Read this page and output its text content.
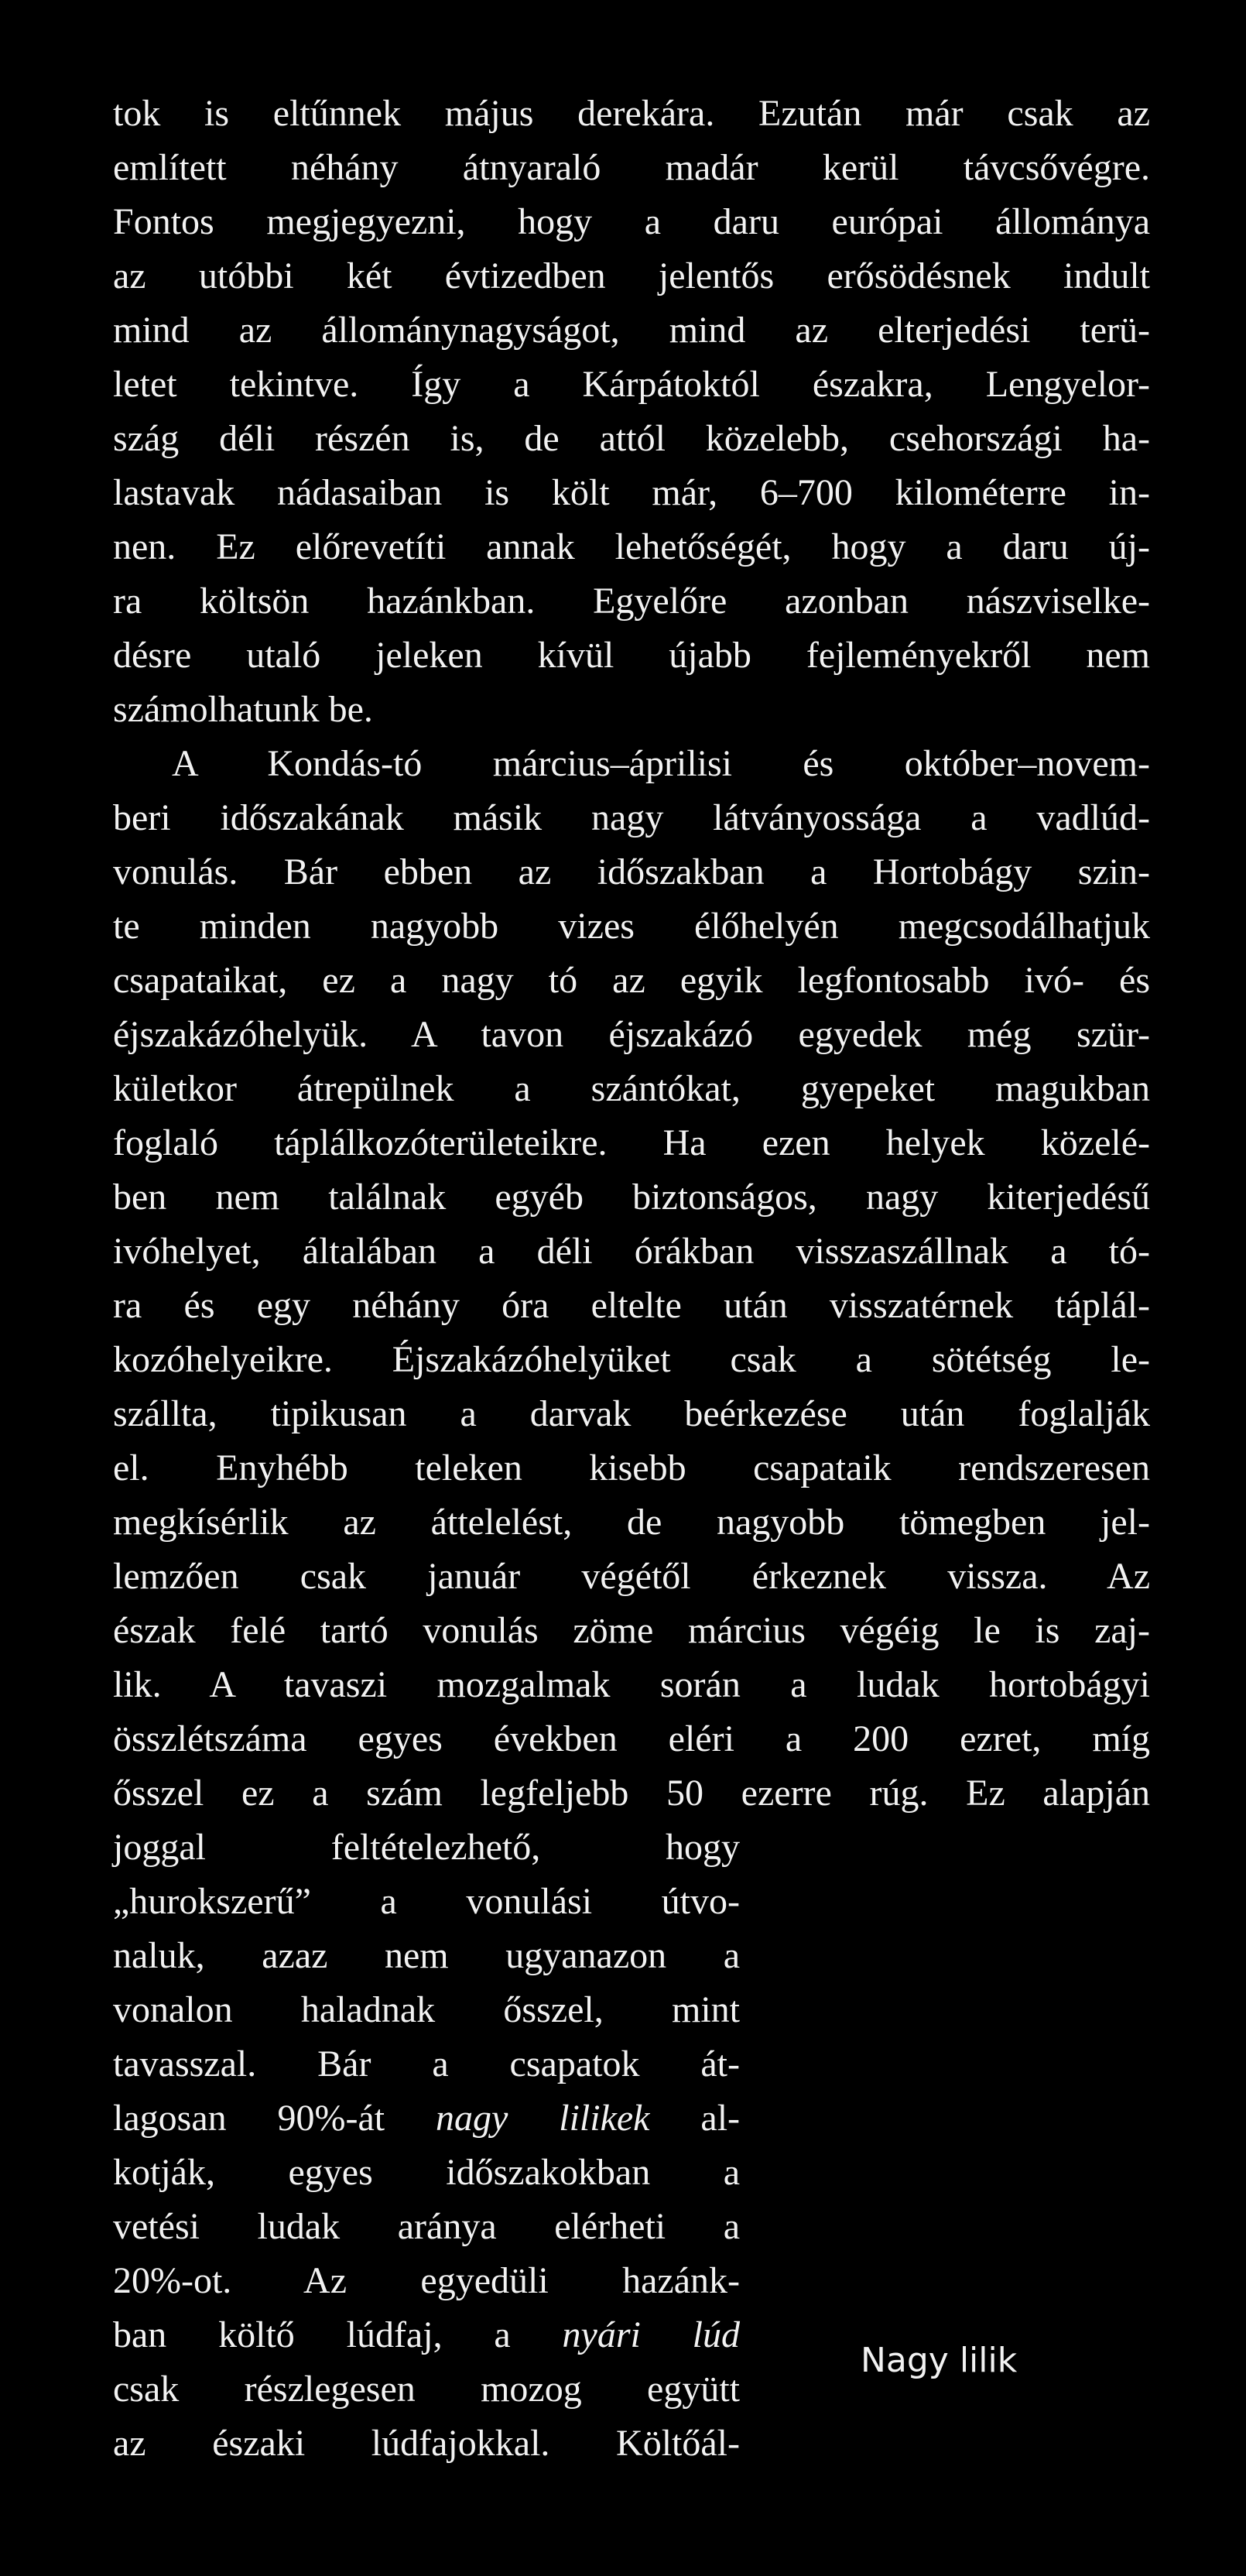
tok is eltűnnek május derekára. Ezután már csak az
említett néhány átnyaraló madár kerül távcsővégre.
Fontos megjegyezni, hogy a daru európai állománya
az utóbbi két évtizedben jelentős erősödésnek indult
mind az állománynagyságot, mind az elterjedési terü-
letet tekintve. Így a Kárpátoktól északra, Lengyelor-
szág déli részén is, de attól közelebb, csehországi ha-
lastavak nádasaiban is költ már, 6–700 kilométerre in-
nen. Ez előrevetíti annak lehetőségét, hogy a daru új-
ra költsön hazánkban. Egyelőre azonban nászviselke-
désre utaló jeleken kívül újabb fejleményekről nem
számolhatunk be.
A Kondás-tó március–áprilisi és október–novem-
beri időszakának másik nagy látványossága a vadlúd-
vonulás. Bár ebben az időszakban a Hortobágy szin-
te minden nagyobb vizes élőhelyén megcsodálhatjuk
csapataikat, ez a nagy tó az egyik legfontosabb ivó- és
éjszakázóhelyük. A tavon éjszakázó egyedek még szür-
kületkor átrepülnek a szántókat, gyepeket magukban
foglaló táplálkozóterületeikre. Ha ezen helyek közelé-
ben nem találnak egyéb biztonságos, nagy kiterjedésű
ivóhelyet, általában a déli órákban visszaszállnak a tó-
ra és egy néhány óra eltelte után visszatérnek táplál-
kozóhelyeikre. Éjszakázóhelyüket csak a sötétség le-
szállta, tipikusan a darvak beérkezése után foglalják
el. Enyhébb teleken kisebb csapataik rendszeresen
megkísérlik az áttelelést, de nagyobb tömegben jel-
lemzően csak január végétől érkeznek vissza. Az
észak felé tartó vonulás zöme március végéig le is zaj-
lik. A tavaszi mozgalmak során a ludak hortobágyi
összlétszáma egyes években eléri a 200 ezret, míg
ősszel ez a szám legfeljebb 50 ezerre rúg. Ez alapján
joggal feltételezhető, hogy
„hurokszerű” a vonulási útvo-
naluk, azaz nem ugyanazon a
vonalon haladnak ősszel, mint
tavasszal. Bár a csapatok át-
lagosan 90%-át nagy lilikek al-
kotják, egyes időszakokban a
vetési ludak aránya elérheti a
20%-ot. Az egyedüli hazánk-
ban költő lúdfaj, a nyári lúd
csak részlegesen mozog együtt
az északi lúdfajokkal. Költőál-
Nagy lilik
